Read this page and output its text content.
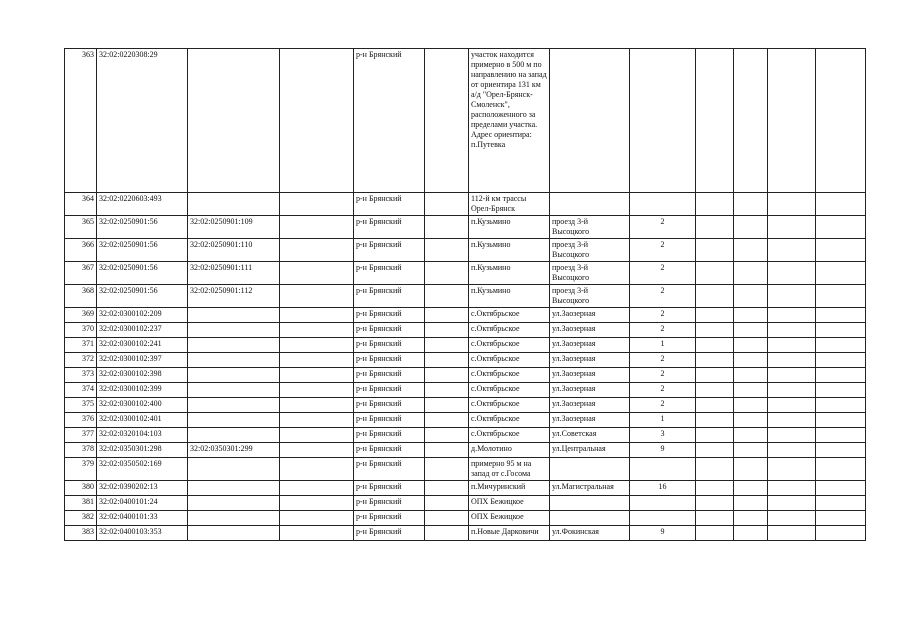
363	32:02:0220308:29			р-н Брянский		участок находится примерно в 500 м по направлению на запад от ориентира 131 км а/д "Орел-Брянск-Смоленск", расположенного за пределами участка. Адрес ориентира: п.Путевка						
364	32:02:0220603:493			р-н Брянский		112-й км трассы Орел-Брянск						
365	32:02:0250901:56	32:02:0250901:109		р-н Брянский		п.Кузьмино	проезд 3-й Высоцкого	2				
366	32:02:0250901:56	32:02:0250901:110		р-н Брянский		п.Кузьмино	проезд 3-й Высоцкого	2				
367	32:02:0250901:56	32:02:0250901:111		р-н Брянский		п.Кузьмино	проезд 3-й Высоцкого	2				
368	32:02:0250901:56	32:02:0250901:112		р-н Брянский		п.Кузьмино	проезд 3-й Высоцкого	2				
369	32:02:0300102:209			р-н Брянский		с.Октябрьское	ул.Заозерная	2				
370	32:02:0300102:237			р-н Брянский		с.Октябрьское	ул.Заозерная	2				
371	32:02:0300102:241			р-н Брянский		с.Октябрьское	ул.Заозерная	1				
372	32:02:0300102:397			р-н Брянский		с.Октябрьское	ул.Заозерная	2				
373	32:02:0300102:398			р-н Брянский		с.Октябрьское	ул.Заозерная	2				
374	32:02:0300102:399			р-н Брянский		с.Октябрьское	ул.Заозерная	2				
375	32:02:0300102:400			р-н Брянский		с.Октябрьское	ул.Заозерная	2				
376	32:02:0300102:401			р-н Брянский		с.Октябрьское	ул.Заозерная	1				
377	32:02:0320104:103			р-н Брянский		с.Октябрьское	ул.Советская	3				
378	32:02:0350301:298	32:02:0350301:299		р-н Брянский		д.Молотино	ул.Центральная	9				
379	32:02:0350502:169			р-н Брянский		примерно 95 м на запад от с.Госома						
380	32:02:0390202:13			р-н Брянский		п.Мичуринский	ул.Магистральная	16				
381	32:02:0400101:24			р-н Брянский		ОПХ Бежицкое						
382	32:02:0400101:33			р-н Брянский		ОПХ Бежицкое						
383	32:02:0400103:353			р-н Брянский		п.Новые Дарковичи	ул.Фокинская	9				
